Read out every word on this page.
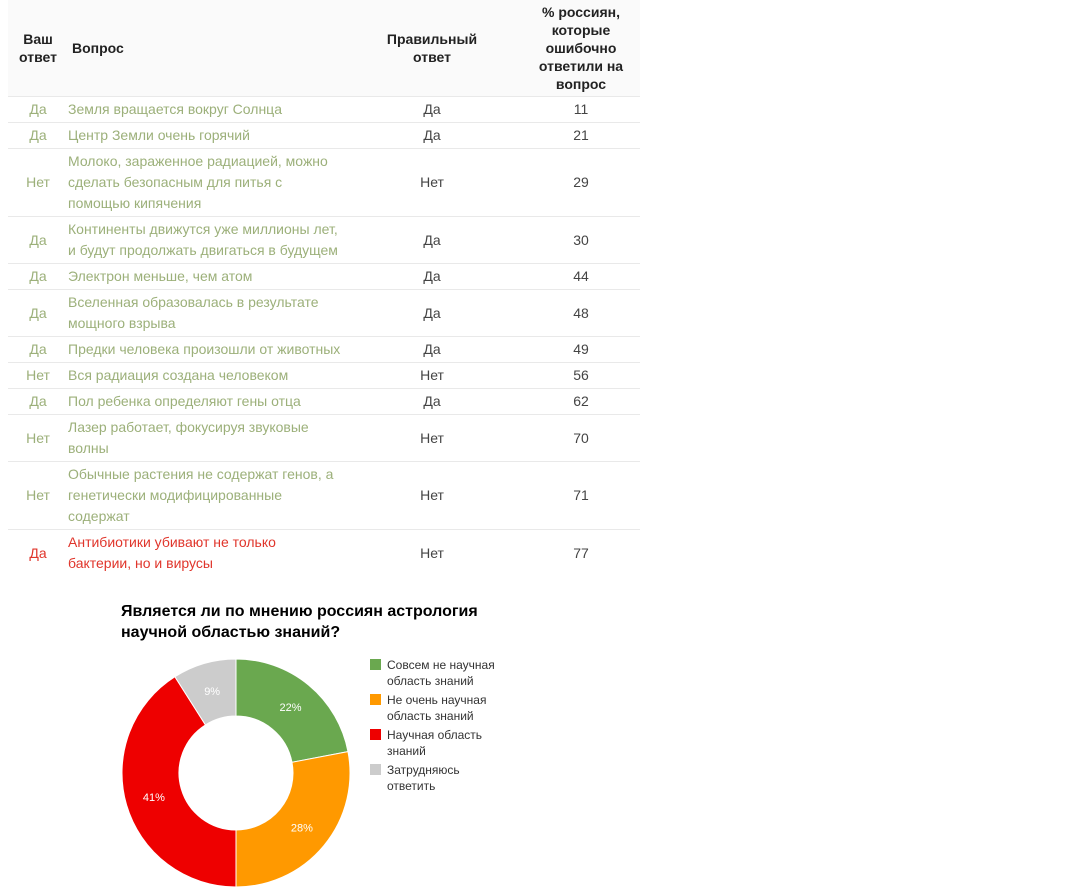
Ваш ответ	Вопрос	Правильный ответ	% россиян, которые ошибочно ответили на вопрос
Да	Земля вращается вокруг Солнца	Да	11
Да	Центр Земли очень горячий	Да	21
Нет	Молоко, зараженное радиацией, можно сделать безопасным для питья с помощью кипячения	Нет	29
Да	Континенты движутся уже миллионы лет, и будут продолжать двигаться в будущем	Да	30
Да	Электрон меньше, чем атом	Да	44
Да	Вселенная образовалась в результате мощного взрыва	Да	48
Да	Предки человека произошли от животных	Да	49
Нет	Вся радиация создана человеком	Нет	56
Да	Пол ребенка определяют гены отца	Да	62
Нет	Лазер работает, фокусируя звуковые волны	Нет	70
Нет	Обычные растения не содержат генов, а генетически модифицированные содержат	Нет	71
Да	Антибиотики убивают не только бактерии, но и вирусы	Нет	77
Является ли по мнению россиян астрология научной областью знаний?
22%
28%
41%
9%
Совсем не научная область знаний
Не очень научная область знаний
Научная область знаний
Затрудняюсь ответить
